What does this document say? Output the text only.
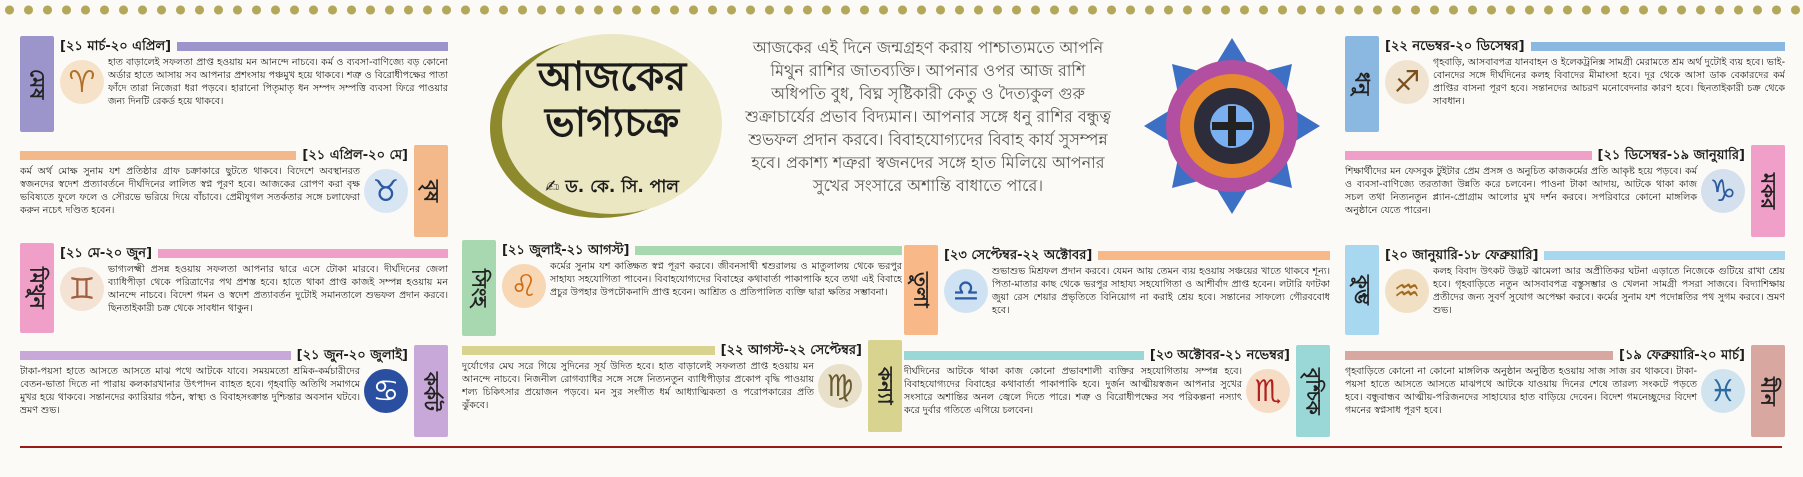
আজকের
ভাগ্যচক্র
✍ ড. কে. সি. পাল
আজকের এই দিনে জন্মগ্রহণ করায় পাশ্চাত্যমতে আপনি মিথুন রাশির জাতব্যক্তি। আপনার ওপর আজ রাশি অধিপতি বুধ, বিঘ্ন সৃষ্টিকারী কেতু ও দৈত্যকুল গুরু শুক্রাচার্যের প্রভাব বিদ্যমান। আপনার সঙ্গে ধনু রাশির বন্ধুত্ব শুভফল প্রদান করবে। বিবাহযোগ্যদের বিবাহ কার্য সুসম্পন্ন হবে। প্রকাশ্য শত্রুরা স্বজনদের সঙ্গে হাত মিলিয়ে আপনার সুখের সংসারে অশান্তি বাধাতে পারে।
মেষ
[২১ মার্চ-২০ এপ্রিল]
♈
হাত বাড়ালেই সফলতা প্রাপ্ত হওয়ায় মন আনন্দে নাচবে। কর্ম ও ব্যবসা-বাণিজ্যে বড় কোনো অর্ডার হাতে আসায় সব আপনার প্রশংসায় পঞ্চমুখ হয়ে থাকবে। শত্রু ও বিরোধীপক্ষের পাতা ফাঁদে তারা নিজেরা ধরা পড়বে। হারানো পিতৃমাতৃ ধন সম্পদ সম্পত্তি ব্যবসা ফিরে পাওয়ার জন্য দিনটি রেকর্ড হয়ে থাকবে।
বৃষ
[২১ এপ্রিল-২০ মে]
কর্ম অর্থ মোক্ষ সুনাম যশ প্রতিষ্ঠার গ্রাফ চক্রাকারে ছুটতে থাকবে। বিদেশে অবস্থানরত স্বজনদের স্বদেশ প্রত্যাবর্তনে দীর্ঘদিনের লালিত স্বপ্ন পূরণ হবে। আজকের রোপণ করা বৃক্ষ ভবিষ্যতে ফুলে ফলে ও সৌরভে ভরিয়ে দিয়ে বাঁচাবে। প্রেমীযুগল সতর্কতার সঙ্গে চলাফেরা করুন নচেৎ দণ্ডিত হবেন।
♉
মিথুন
[২১ মে-২০ জুন]
♊
ভাগ্যলক্ষ্মী প্রসন্ন হওয়ায় সফলতা আপনার দ্বারে এসে টোকা মারবে। দীর্ঘদিনের জেলা ব্যাধিপীড়া থেকে পরিত্রাণের পথ প্রশস্ত হবে। হাতে থাকা প্রাপ্ত কাজই সম্পন্ন হওয়ায় মন আনন্দে নাচবে। বিদেশ গমন ও স্বদেশ প্রত্যাবর্তন দুটোই সমানতালে শুভফল প্রদান করবে। ছিনতাইকারী চক্র থেকে সাবধান থাকুন।
কর্কট
[২১ জুন-২০ জুলাই]
টাকা-পয়সা হাতে আসতে আসতে মাঝ পথে আটকে যাবে। সময়মতো শ্রমিক-কর্মচারীদের বেতন-ভাতা দিতে না পারায় কলকারখানার উৎপাদন ব্যাহত হবে। গৃহবাড়ি অতিথি সমাগমে মুখর হয়ে থাকবে। সন্তানদের ক্যারিয়ার গঠন, স্বাস্থ্য ও বিবাহসংক্রান্ত দুশ্চিন্তার অবসান ঘটবে। ভ্রমণ শুভ।
♋
সিংহ
[২১ জুলাই-২১ আগস্ট]
♌
কর্মের সুনাম যশ কাঙ্ক্ষিত স্বপ্ন পূরণ করবে। জীবনসাথী শ্বশুরালয় ও মাতুলালয় থেকে ভরপুর সাহায্য সহযোগিতা পাবেন। বিবাহযোগ্যদের বিবাহের কথাবার্তা পাকাপাকি হবে তথা এই বিবাহে প্রচুর উপহার উপঢৌকনাদি প্রাপ্ত হবেন। আশ্রিত ও প্রতিপালিত ব্যক্তি দ্বারা ক্ষতির সম্ভাবনা।
কন্যা
[২২ আগস্ট-২২ সেপ্টেম্বর]
দুর্যোগের মেঘ সরে গিয়ে সুদিনের সূর্য উদিত হবে। হাত বাড়ালেই সফলতা প্রাপ্ত হওয়ায় মন আনন্দে নাচবে। নিজনীল রোগব্যাধির সঙ্গে সঙ্গে নিত্যনতুন ব্যাধিপীড়ার প্রকোপ বৃদ্ধি পাওয়ায় শল্য চিকিৎসার প্রয়োজন পড়বে। মন সুর সংগীত ধর্ম আধ্যাত্মিকতা ও পরোপকারের প্রতি ঝুঁকবে।
♍
তুলা
[২৩ সেপ্টেম্বর-২২ অক্টোবর]
♎
শুভাশুভ মিশ্রফল প্রদান করবে। যেমন আয় তেমন ব্যয় হওয়ায় সঞ্চয়ের খাতে থাকবে শূন্য। পিতা-মাতার কাছ থেকে ভরপুর সাহায্য সহযোগিতা ও আশীর্বাদ প্রাপ্ত হবেন। লটারি ফাটকা জুয়া রেস শেয়ার প্রভৃতিতে বিনিয়োগ না করাই শ্রেয় হবে। সন্তানের সাফল্যে গৌরববোধ হবে।
বৃশ্চিক
[২৩ অক্টোবর-২১ নভেম্বর]
দীর্ঘদিনের আটকে থাকা কাজ কোনো প্রভাবশালী ব্যক্তির সহযোগিতায় সম্পন্ন হবে। বিবাহযোগ্যদের বিবাহের কথাবার্তা পাকাপাকি হবে। দুর্জন আত্মীয়স্বজন আপনার সুখের সংসারে অশান্তির অনল জ্বেলে দিতে পারে। শত্রু ও বিরোধীপক্ষের সব পরিকল্পনা নস্যাৎ করে দুর্বার গতিতে এগিয়ে চলবেন।
♏
ধনু
[২২ নভেম্বর-২০ ডিসেম্বর]
♐
গৃহবাড়ি, আসবাবপত্র যানবাহন ও ইলেকট্রনিক্স সামগ্রী মেরামতে শ্রম অর্থ দুটোই ব্যয় হবে। ভাই-বোনদের সঙ্গে দীর্ঘদিনের কলহ বিবাদের মীমাংসা হবে। দূর থেকে আসা ডাক বেকারদের কর্ম প্রাপ্তির বাসনা পূরণ হবে। সন্তানদের আচরণ মনোবেদনার কারণ হবে। ছিনতাইকারী চক্র থেকে সাবধান।
মকর
[২১ ডিসেম্বর-১৯ জানুয়ারি]
শিক্ষার্থীদের মন ফেসবুক টুইটার প্রেম প্রসঙ্গ ও অনুচিত কাজকর্মের প্রতি আকৃষ্ট হয়ে পড়বে। কর্ম ও ব্যবসা-বাণিজ্যে তরতাজা উন্নতি করে চলবেন। পাওনা টাকা আদায়, আটকে থাকা কাজ সচল তথা নিত্যনতুন প্ল্যান-প্রোগ্রাম আলোর মুখ দর্শন করবে। সপরিবারে কোনো মাঙ্গলিক অনুষ্ঠানে যেতে পারেন।
♑
কুম্ভ
[২০ জানুয়ারি-১৮ ফেব্রুয়ারি]
♒
কলহ বিবাদ উৎকট উদ্ভট ঝামেলা আর অপ্রীতিকর ঘটনা এড়াতে নিজেকে গুটিয়ে রাখা শ্রেয় হবে। গৃহবাড়িতে নতুন আসবাবপত্র বস্তুসম্ভার ও খেলনা সামগ্রী পসরা সাজবে। বিদ্যাশিক্ষায় প্রতীদের জন্য সুবর্ণ সুযোগ অপেক্ষা করবে। কর্মের সুনাম যশ পদোন্নতির পথ সুগম করবে। ভ্রমণ শুভ।
মীন
[১৯ ফেব্রুয়ারি-২০ মার্চ]
গৃহবাড়িতে কোনো না কোনো মাঙ্গলিক অনুষ্ঠান অনুষ্ঠিত হওয়ায় সাজ সাজ রব থাকবে। টাকা-পয়সা হাতে আসতে আসতে মাঝপথে আটকে যাওয়ায় দিনের শেষে তারল্য সংকটে পড়তে হবে। বন্ধুবান্ধব আত্মীয়-পরিজনদের সাহায্যের হাত বাড়িয়ে দেবেন। বিদেশ গমনেচ্ছুদের বিদেশ গমনের স্বপ্নসাধ পূরণ হবে।
♓
